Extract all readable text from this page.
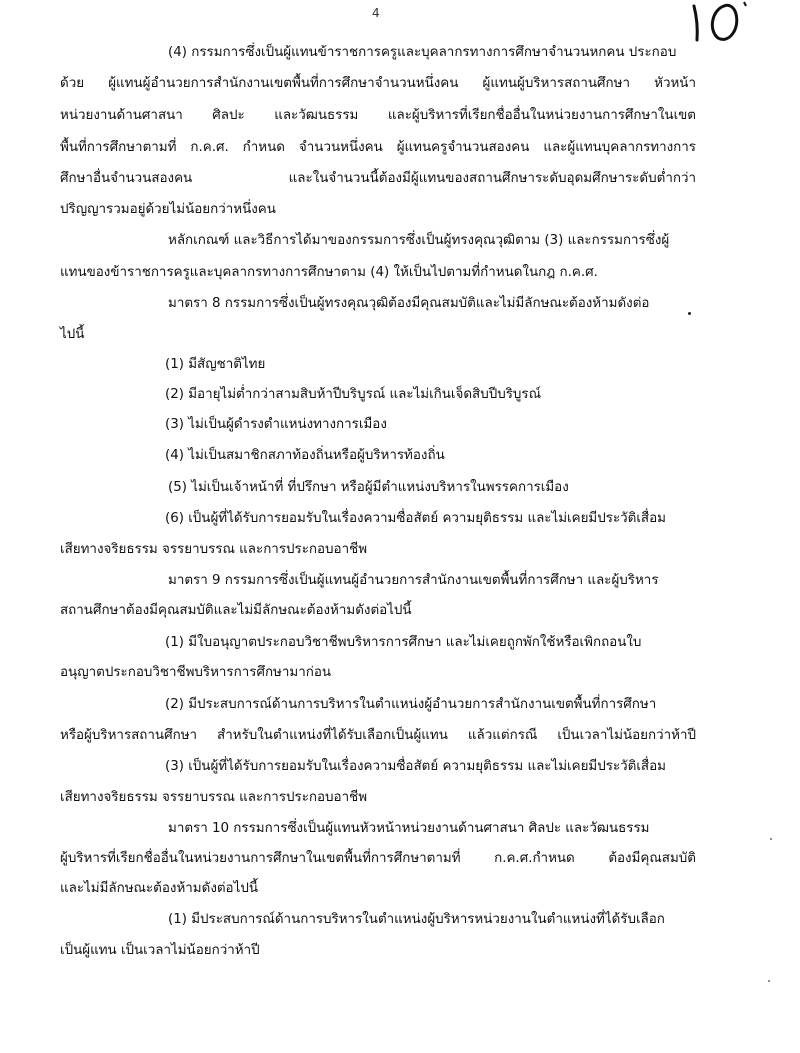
4
(4) กรรมการซึ่งเป็นผู้แทนข้าราชการครูและบุคลากรทางการศึกษาจำนวนหกคน ประกอบ
ด้วย ผู้แทนผู้อำนวยการสำนักงานเขตพื้นที่การศึกษาจำนวนหนึ่งคน ผู้แทนผู้บริหารสถานศึกษา หัวหน้า
หน่วยงานด้านศาสนา ศิลปะ และวัฒนธรรม และผู้บริหารที่เรียกชื่ออื่นในหน่วยงานการศึกษาในเขต
พื้นที่การศึกษาตามที่ ก.ค.ศ. กำหนด จำนวนหนึ่งคน ผู้แทนครูจำนวนสองคน และผู้แทนบุคลากรทางการ
ศึกษาอื่นจำนวนสองคน และในจำนวนนี้ต้องมีผู้แทนของสถานศึกษาระดับอุดมศึกษาระดับต่ำกว่า
ปริญญารวมอยู่ด้วยไม่น้อยกว่าหนึ่งคน
หลักเกณฑ์ และวิธีการได้มาของกรรมการซึ่งเป็นผู้ทรงคุณวุฒิตาม (3) และกรรมการซึ่งผู้
แทนของข้าราชการครูและบุคลากรทางการศึกษาตาม (4) ให้เป็นไปตามที่กำหนดในกฎ ก.ค.ศ.
มาตรา 8 กรรมการซึ่งเป็นผู้ทรงคุณวุฒิต้องมีคุณสมบัติและไม่มีลักษณะต้องห้ามดังต่อ
ไปนี้
(1) มีสัญชาติไทย
(2) มีอายุไม่ต่ำกว่าสามสิบห้าปีบริบูรณ์ และไม่เกินเจ็ดสิบปีบริบูรณ์
(3) ไม่เป็นผู้ดำรงตำแหน่งทางการเมือง
(4) ไม่เป็นสมาชิกสภาท้องถิ่นหรือผู้บริหารท้องถิ่น
(5) ไม่เป็นเจ้าหน้าที่ ที่ปรึกษา หรือผู้มีตำแหน่งบริหารในพรรคการเมือง
(6) เป็นผู้ที่ได้รับการยอมรับในเรื่องความซื่อสัตย์ ความยุติธรรม และไม่เคยมีประวัติเสื่อม
เสียทางจริยธรรม จรรยาบรรณ และการประกอบอาชีพ
มาตรา 9 กรรมการซึ่งเป็นผู้แทนผู้อำนวยการสำนักงานเขตพื้นที่การศึกษา และผู้บริหาร
สถานศึกษาต้องมีคุณสมบัติและไม่มีลักษณะต้องห้ามดังต่อไปนี้
(1) มีใบอนุญาตประกอบวิชาชีพบริหารการศึกษา และไม่เคยถูกพักใช้หรือเพิกถอนใบ
อนุญาตประกอบวิชาชีพบริหารการศึกษามาก่อน
(2) มีประสบการณ์ด้านการบริหารในตำแหน่งผู้อำนวยการสำนักงานเขตพื้นที่การศึกษา
หรือผู้บริหารสถานศึกษา สำหรับในตำแหน่งที่ได้รับเลือกเป็นผู้แทน แล้วแต่กรณี เป็นเวลาไม่น้อยกว่าห้าปี
(3) เป็นผู้ที่ได้รับการยอมรับในเรื่องความซื่อสัตย์ ความยุติธรรม และไม่เคยมีประวัติเสื่อม
เสียทางจริยธรรม จรรยาบรรณ และการประกอบอาชีพ
มาตรา 10 กรรมการซึ่งเป็นผู้แทนหัวหน้าหน่วยงานด้านศาสนา ศิลปะ และวัฒนธรรม
ผู้บริหารที่เรียกชื่ออื่นในหน่วยงานการศึกษาในเขตพื้นที่การศึกษาตามที่ ก.ค.ศ.กำหนด ต้องมีคุณสมบัติ
และไม่มีลักษณะต้องห้ามดังต่อไปนี้
(1) มีประสบการณ์ด้านการบริหารในตำแหน่งผู้บริหารหน่วยงานในตำแหน่งที่ได้รับเลือก
เป็นผู้แทน เป็นเวลาไม่น้อยกว่าห้าปี
